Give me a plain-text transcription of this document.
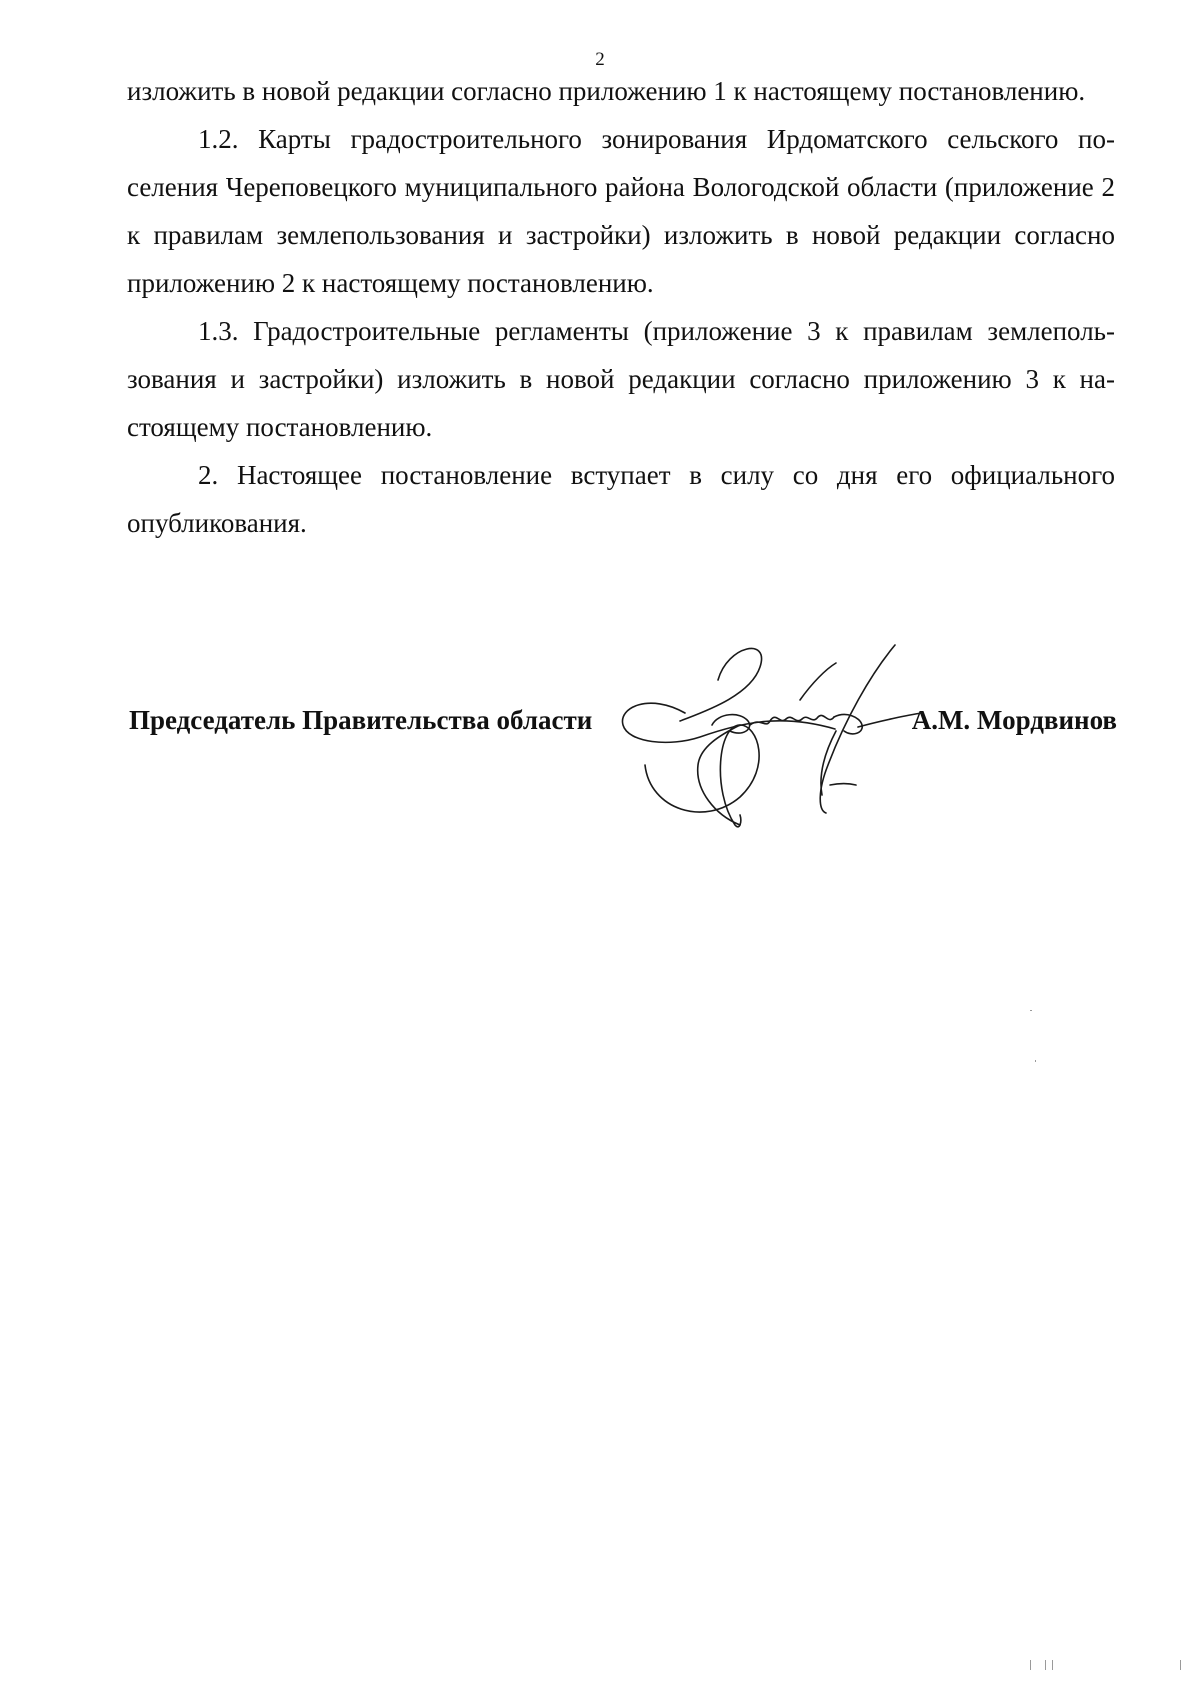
2

изложить в новой редакции согласно приложению 1 к настоящему постановлению.

1.2. Карты градостроительного зонирования Ирдоматского сельского поселения Череповецкого муниципального района Вологодской области (приложение 2 к правилам землепользования и застройки) изложить в новой редакции согласно приложению 2 к настоящему постановлению.

1.3. Градостроительные регламенты (приложение 3 к правилам землепользования и застройки) изложить в новой редакции согласно приложению 3 к настоящему постановлению.

2. Настоящее постановление вступает в силу со дня его официального опубликования.

Председатель Правительства области	А.М. Мордвинов
